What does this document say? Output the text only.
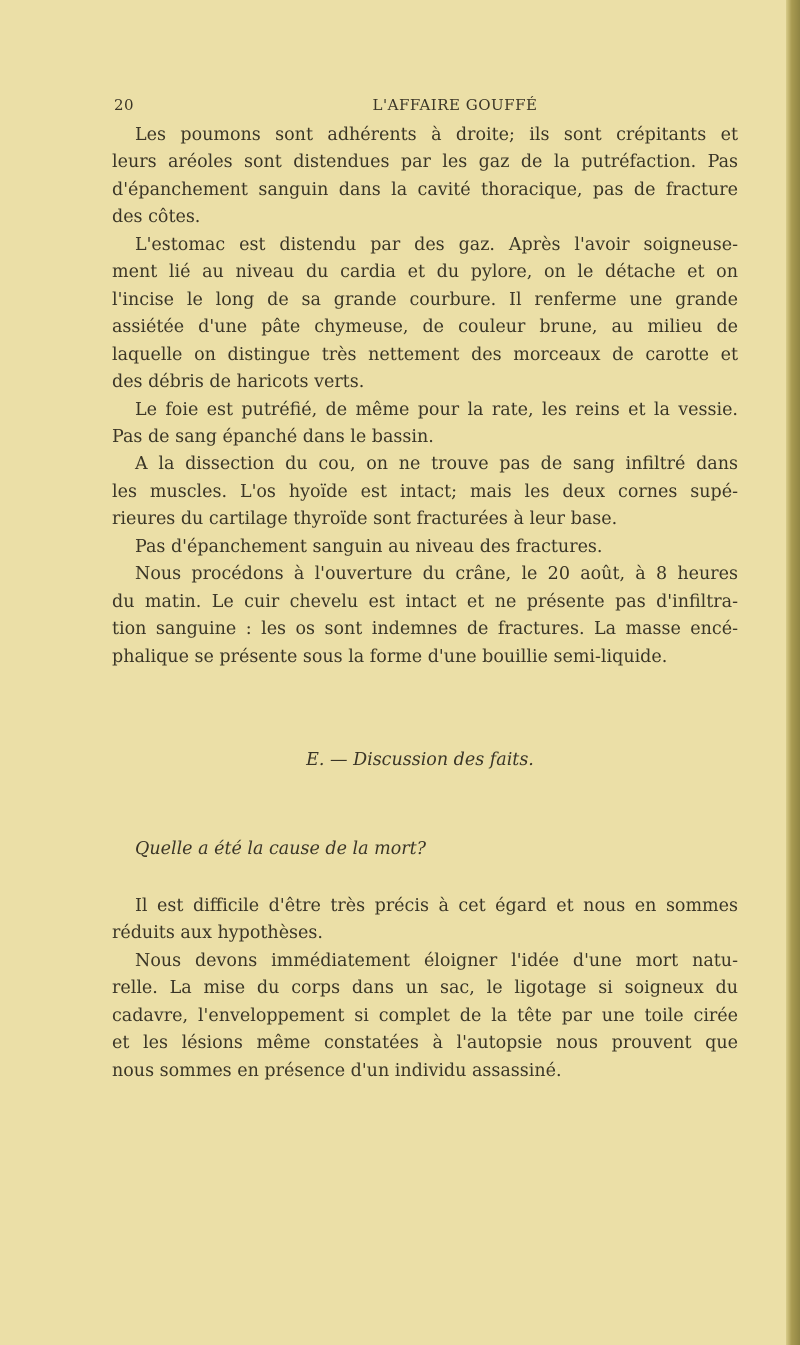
20	L'AFFAIRE GOUFFÉ
Les poumons sont adhérents à droite; ils sont crépitants et
leurs aréoles sont distendues par les gaz de la putréfaction. Pas
d'épanchement sanguin dans la cavité thoracique, pas de fracture
des côtes.
L'estomac est distendu par des gaz. Après l'avoir soigneuse-
ment lié au niveau du cardia et du pylore, on le détache et on
l'incise le long de sa grande courbure. Il renferme une grande
assiétée d'une pâte chymeuse, de couleur brune, au milieu de
laquelle on distingue très nettement des morceaux de carotte et
des débris de haricots verts.
Le foie est putréfié, de même pour la rate, les reins et la vessie.
Pas de sang épanché dans le bassin.
A la dissection du cou, on ne trouve pas de sang infiltré dans
les muscles. L'os hyoïde est intact; mais les deux cornes supé-
rieures du cartilage thyroïde sont fracturées à leur base.
Pas d'épanchement sanguin au niveau des fractures.
Nous procédons à l'ouverture du crâne, le 20 août, à 8 heures
du matin. Le cuir chevelu est intact et ne présente pas d'infiltra-
tion sanguine : les os sont indemnes de fractures. La masse encé-
phalique se présente sous la forme d'une bouillie semi-liquide.
E. — Discussion des faits.
Quelle a été la cause de la mort?
Il est difficile d'être très précis à cet égard et nous en sommes
réduits aux hypothèses.
Nous devons immédiatement éloigner l'idée d'une mort natu-
relle. La mise du corps dans un sac, le ligotage si soigneux du
cadavre, l'enveloppement si complet de la tête par une toile cirée
et les lésions même constatées à l'autopsie nous prouvent que
nous sommes en présence d'un individu assassiné.
